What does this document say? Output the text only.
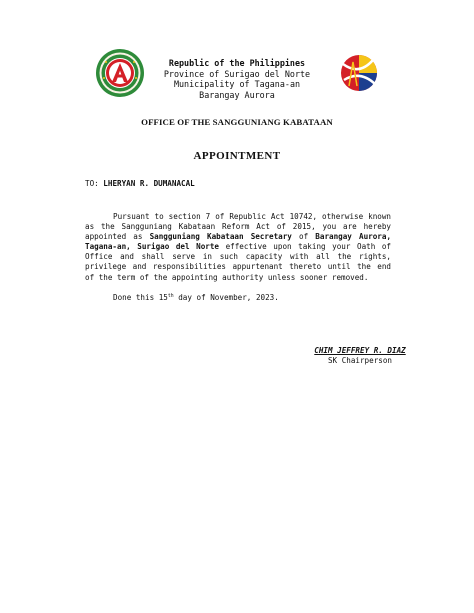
Republic of the Philippines
Province of Surigao del Norte
Municipality of Tagana-an
Barangay Aurora
OFFICE OF THE SANGGUNIANG KABATAAN
APPOINTMENT
TO: LHERYAN R. DUMANACAL
Pursuant to section 7 of Republic Act 10742, otherwise known as the Sangguniang Kabataan Reform Act of 2015, you are hereby appointed as Sangguniang Kabataan Secretary of Barangay Aurora, Tagana-an, Surigao del Norte effective upon taking your Oath of Office and shall serve in such capacity with all the rights, privilege and responsibilities appurtenant thereto until the end of the term of the appointing authority unless sooner removed.
Done this 15th day of November, 2023.
CHIM JEFFREY R. DIAZ
SK Chairperson
